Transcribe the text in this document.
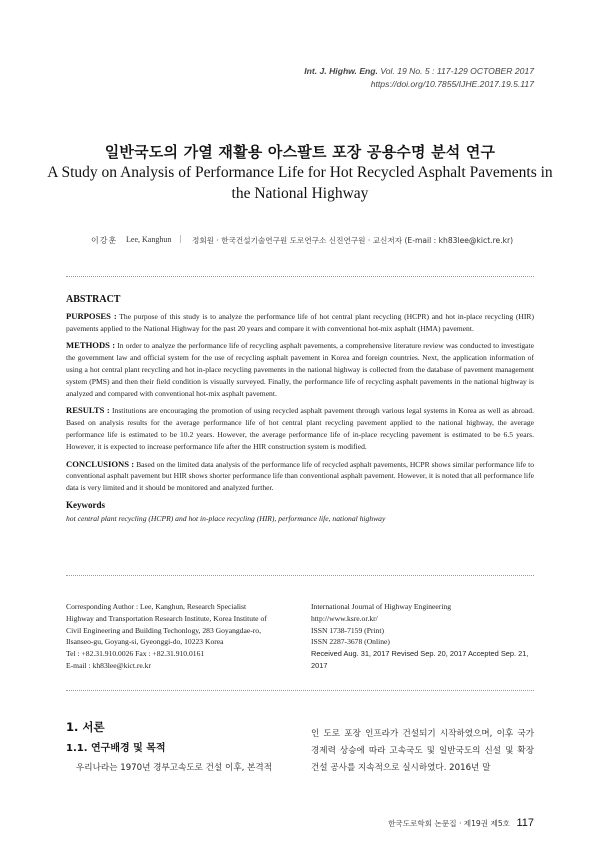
Int. J. Highw. Eng. Vol. 19 No. 5 : 117-129 OCTOBER 2017
https://doi.org/10.7855/IJHE.2017.19.5.117
일반국도의 가열 재활용 아스팔트 포장 공용수명 분석 연구
A Study on Analysis of Performance Life for Hot Recycled Asphalt Pavements in the National Highway
이강훈 Lee, Kanghun | 정회원 · 한국건설기술연구원 도로연구소 신진연구원 · 교신저자 (E-mail : kh83lee@kict.re.kr)
ABSTRACT

PURPOSES : The purpose of this study is to analyze the performance life of hot central plant recycling (HCPR) and hot in-place recycling (HIR) pavements applied to the National Highway for the past 20 years and compare it with conventional hot-mix asphalt (HMA) pavement.

METHODS : In order to analyze the performance life of recycling asphalt pavements, a comprehensive literature review was conducted to investigate the government law and official system for the use of recycling asphalt pavement in Korea and foreign countries. Next, the application information of using a hot central plant recycling and hot in-place recycling pavements in the national highway is collected from the database of pavement management system (PMS) and then their field condition is visually surveyed. Finally, the performance life of recycling asphalt pavements in the national highway is analyzed and compared with conventional hot-mix asphalt pavement.

RESULTS : Institutions are encouraging the promotion of using recycled asphalt pavement through various legal systems in Korea as well as abroad. Based on analysis results for the average performance life of hot central plant recycling pavement applied to the national highway, the average performance life is estimated to be 10.2 years. However, the average performance life of in-place recycling pavement is estimated to be 6.5 years. However, it is expected to increase performance life after the HIR construction system is modified.

CONCLUSIONS : Based on the limited data analysis of the performance life of recycled asphalt pavements, HCPR shows similar performance life to conventional asphalt pavement but HIR shows shorter performance life than conventional asphalt pavement. However, it is noted that all performance life data is very limited and it should be monitored and analyzed further.

Keywords
hot central plant recycling (HCPR) and hot in-place recycling (HIR), performance life, national highway
Corresponding Author : Lee, Kanghun, Research Specialist
Highway and Transportation Research Institute, Korea Institute of
Civil Engineering and Building Techonlogy, 283 Goyangdae-ro,
Ilsanseo-gu, Goyang-si, Gyeonggi-do, 10223 Korea
Tel : +82.31.910.0026 Fax : +82.31.910.0161
E-mail : kh83lee@kict.re.kr
International Journal of Highway Engineering
http://www.ksre.or.kr/
ISSN 1738-7159 (Print)
ISSN 2287-3678 (Online)
Received Aug. 31, 2017 Revised Sep. 20, 2017 Accepted Sep. 21, 2017
1. 서론
1.1. 연구배경 및 목적
우리나라는 1970년 경부고속도로 건설 이후, 본격적
인 도로 포장 인프라가 건설되기 시작하였으며, 이후 국가 경제력 상승에 따라 고속국도 및 일반국도의 신설 및 확장 건설 공사를 지속적으로 실시하였다. 2016년 말
한국도로학회 논문집 · 제19권 제5호 117
